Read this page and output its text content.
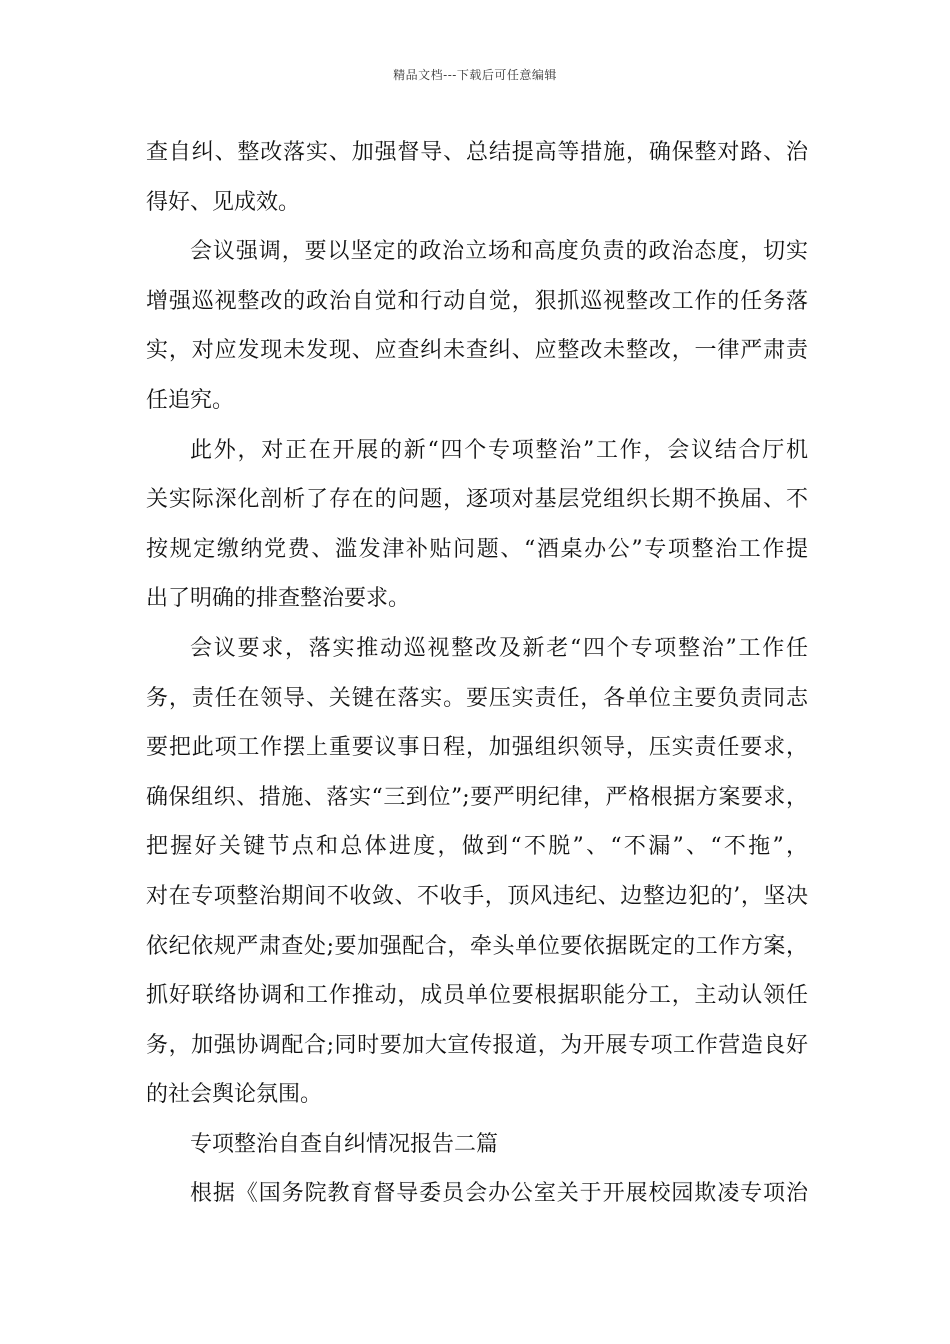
精品文档---下载后可任意编辑
查自纠、整改落实、加强督导、总结提高等措施，确保整对路、治
得好、见成效。
会议强调，要以坚定的政治立场和高度负责的政治态度，切实
增强巡视整改的政治自觉和行动自觉，狠抓巡视整改工作的任务落
实，对应发现未发现、应查纠未查纠、应整改未整改，一律严肃责
任追究。
此外，对正在开展的新“四个专项整治”工作，会议结合厅机
关实际深化剖析了存在的问题，逐项对基层党组织长期不换届、不
按规定缴纳党费、滥发津补贴问题、“酒桌办公”专项整治工作提
出了明确的排查整治要求。
会议要求，落实推动巡视整改及新老“四个专项整治”工作任
务，责任在领导、关键在落实。要压实责任，各单位主要负责同志
要把此项工作摆上重要议事日程，加强组织领导，压实责任要求，
确保组织、措施、落实“三到位”;要严明纪律，严格根据方案要求，
把握好关键节点和总体进度，做到“不脱”、“不漏”、“不拖”，
对在专项整治期间不收敛、不收手，顶风违纪、边整边犯的’，坚决
依纪依规严肃查处;要加强配合，牵头单位要依据既定的工作方案，
抓好联络协调和工作推动，成员单位要根据职能分工，主动认领任
务，加强协调配合;同时要加大宣传报道，为开展专项工作营造良好
的社会舆论氛围。
专项整治自查自纠情况报告二篇
根据《国务院教育督导委员会办公室关于开展校园欺凌专项治
